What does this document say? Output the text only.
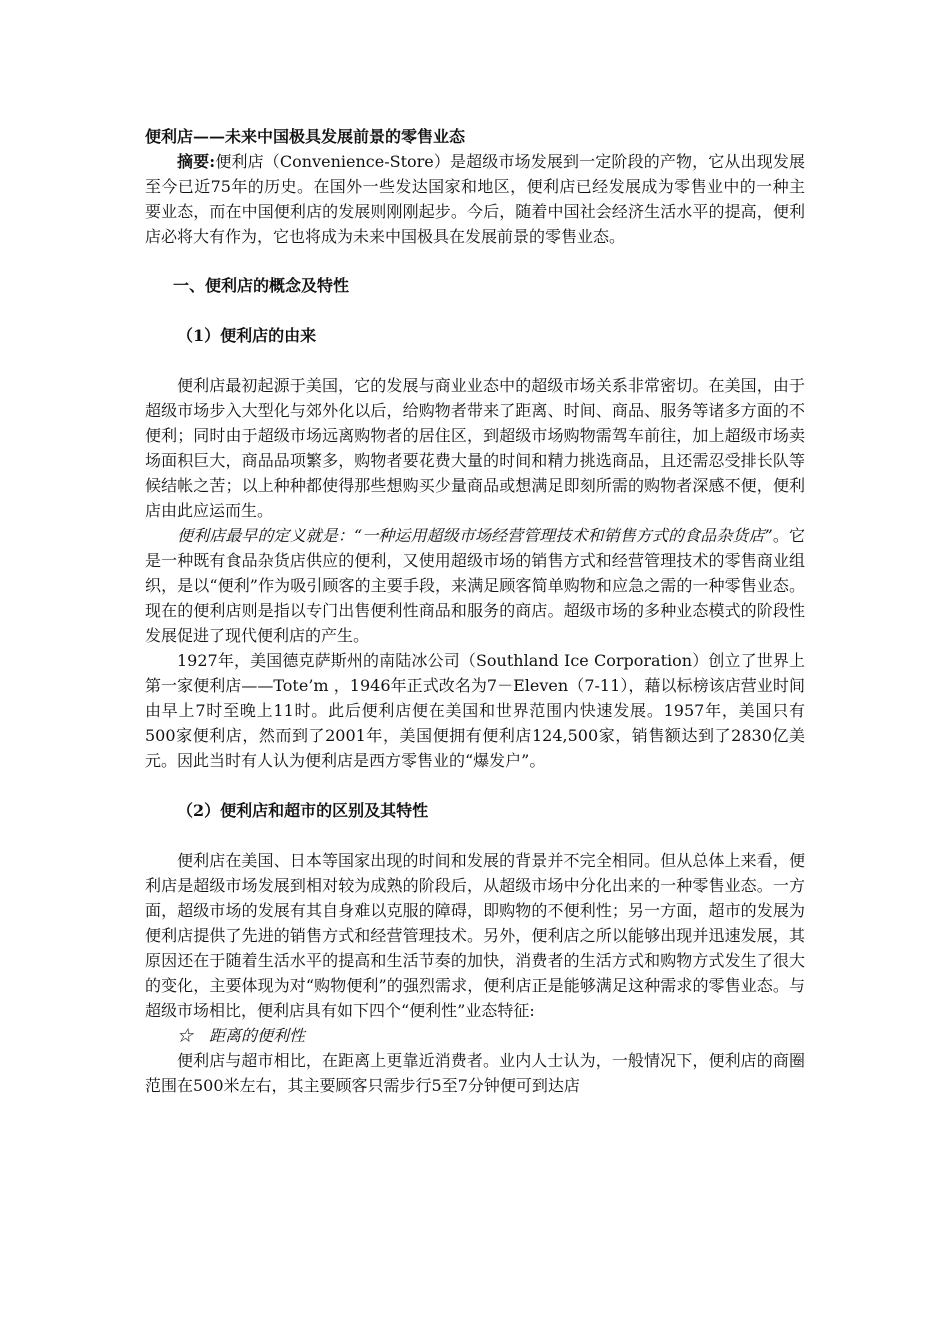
便利店——未来中国极具发展前景的零售业态

摘要:便利店（Convenience-Store）是超级市场发展到一定阶段的产物，它从出现发展至今已近75年的历史。在国外一些发达国家和地区，便利店已经发展成为零售业中的一种主要业态，而在中国便利店的发展则刚刚起步。今后，随着中国社会经济生活水平的提高，便利店必将大有作为，它也将成为未来中国极具在发展前景的零售业态。

一、便利店的概念及特性

（1）便利店的由来

便利店最初起源于美国，它的发展与商业业态中的超级市场关系非常密切。在美国，由于超级市场步入大型化与郊外化以后，给购物者带来了距离、时间、商品、服务等诸多方面的不便利；同时由于超级市场远离购物者的居住区，到超级市场购物需驾车前往，加上超级市场卖场面积巨大，商品品项繁多，购物者要花费大量的时间和精力挑选商品，且还需忍受排长队等候结帐之苦；以上种种都使得那些想购买少量商品或想满足即刻所需的购物者深感不便，便利店由此应运而生。

便利店最早的定义就是：“一种运用超级市场经营管理技术和销售方式的食品杂货店”。它是一种既有食品杂货店供应的便利，又使用超级市场的销售方式和经营管理技术的零售商业组织，是以“便利”作为吸引顾客的主要手段，来满足顾客简单购物和应急之需的一种零售业态。现在的便利店则是指以专门出售便利性商品和服务的商店。超级市场的多种业态模式的阶段性发展促进了现代便利店的产生。

1927年，美国德克萨斯州的南陆冰公司（Southland Ice Corporation）创立了世界上第一家便利店——Tote’m ，1946年正式改名为7－Eleven（7-11），藉以标榜该店营业时间由早上7时至晚上11时。此后便利店便在美国和世界范围内快速发展。1957年，美国只有500家便利店，然而到了2001年，美国便拥有便利店124,500家，销售额达到了2830亿美元。因此当时有人认为便利店是西方零售业的“爆发户”。

（2）便利店和超市的区别及其特性

便利店在美国、日本等国家出现的时间和发展的背景并不完全相同。但从总体上来看，便利店是超级市场发展到相对较为成熟的阶段后，从超级市场中分化出来的一种零售业态。一方面，超级市场的发展有其自身难以克服的障碍，即购物的不便利性；另一方面，超市的发展为便利店提供了先进的销售方式和经营管理技术。另外，便利店之所以能够出现并迅速发展，其原因还在于随着生活水平的提高和生活节奏的加快，消费者的生活方式和购物方式发生了很大的变化，主要体现为对“购物便利”的强烈需求，便利店正是能够满足这种需求的零售业态。与超级市场相比，便利店具有如下四个“便利性”业态特征:

☆　距离的便利性

便利店与超市相比，在距离上更靠近消费者。业内人士认为，一般情况下，便利店的商圈范围在500米左右，其主要顾客只需步行5至7分钟便可到达店
